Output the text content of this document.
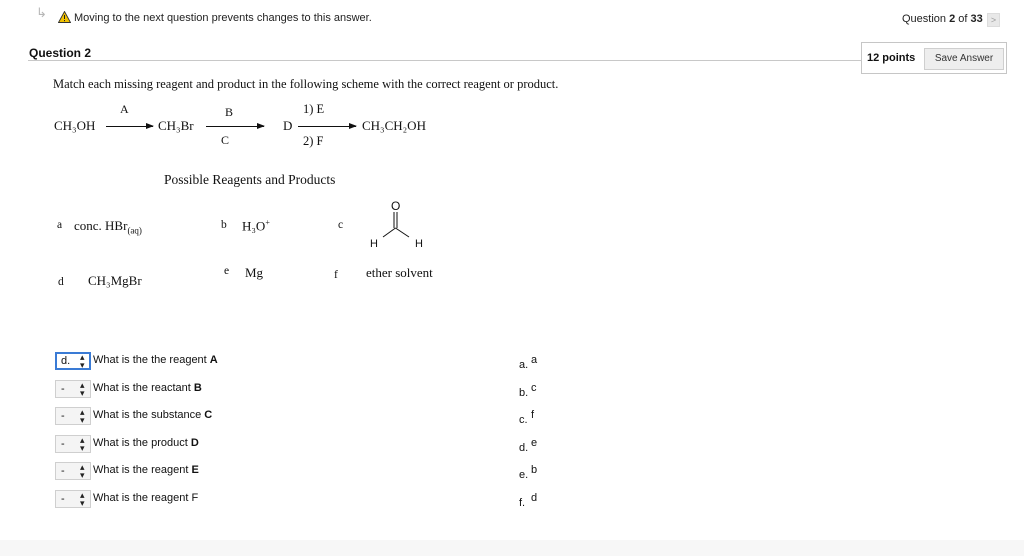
↳ Moving to the next question prevents changes to this answer.	Question 2 of 33 >
Question 2	12 points	Save Answer
Match each missing reagent and product in the following scheme with the correct reagent or product.
CH₃OH
A
CH₃Br
B
C
D
1) E
2) F
CH₃CH₂OH
Possible Reagents and Products
a conc. HBr$_{(aq)}$	b H₃O+	c
O
H	H
d CH₃MgBr
e Mg	f ether solvent
d. ▴
▾ What is the the reagent A
- ▴
▾ What is the reactant B
- ▴
▾ What is the substance C
- ▴
▾ What is the product D
- ▴
▾ What is the reagent E
- ▴
▾ What is the reagent F
a. a
b. c
c. f
d. e
e. b
f. d
